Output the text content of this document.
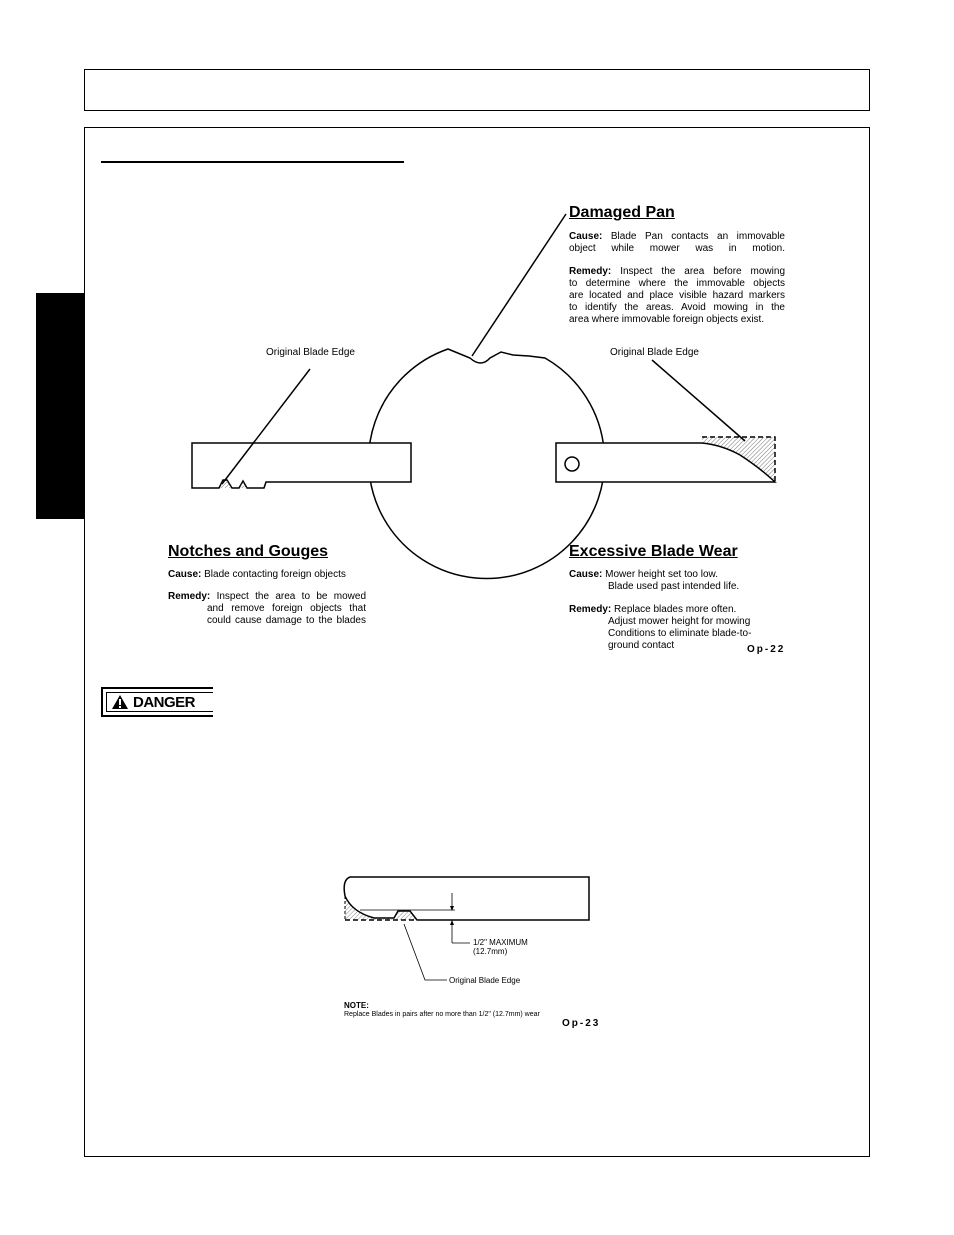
Damaged Pan
Cause: Blade Pan contacts an immovable
object while mower was in motion.
Remedy: Inspect the area before mowing
to determine where the immovable objects
are located and place visible hazard markers
to identify the areas. Avoid mowing in the
area where immovable foreign objects exist.
Original Blade Edge	Original Blade Edge
Notches and Gouges
Cause: Blade contacting foreign objects
Remedy: Inspect the area to be mowed
and remove foreign objects that
could cause damage to the blades
Excessive Blade Wear
Cause: Mower height set too low.
Blade used past intended life.
Remedy: Replace blades more often.
Adjust mower height for mowing
Conditions to eliminate blade-to-
ground contact	Op-22
DANGER
1/2" MAXIMUM
(12.7mm)
Original Blade Edge
NOTE:
Replace Blades in pairs after no more than 1/2" (12.7mm) wear
Op-23
